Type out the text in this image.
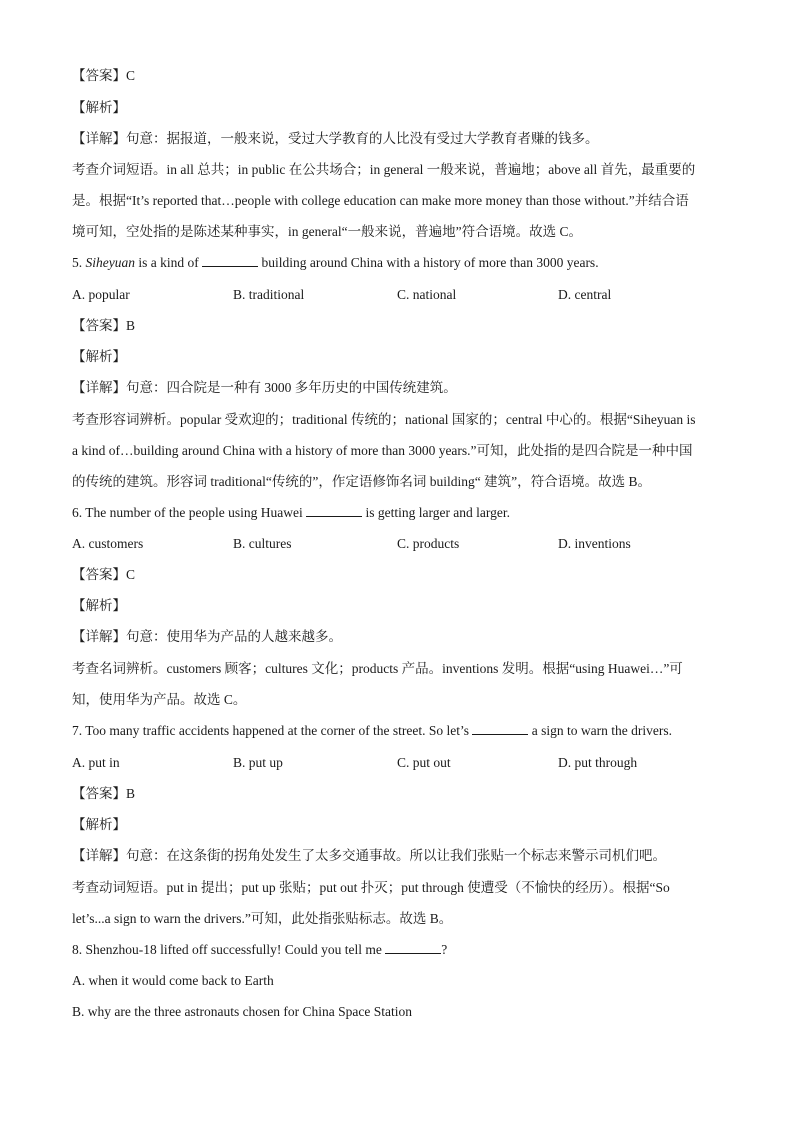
【答案】C
【解析】
【详解】句意：据报道，一般来说，受过大学教育的人比没有受过大学教育者赚的钱多。
考查介词短语。in all 总共；in public 在公共场合；in general 一般来说，普遍地；above all 首先，最重要的
是。根据“It’s reported that…people with college education can make more money than those without.”并结合语
境可知，空处指的是陈述某种事实，in general“一般来说，普遍地”符合语境。故选 C。
5. Siheyuan is a kind of	building around China with a history of more than 3000 years.
A. popular	B. traditional	C. national	D. central
【答案】B
【解析】
【详解】句意：四合院是一种有 3000 多年历史的中国传统建筑。
考查形容词辨析。popular 受欢迎的；traditional 传统的；national 国家的；central 中心的。根据“Siheyuan is
a kind of…building around China with a history of more than 3000 years.”可知，此处指的是四合院是一种中国
的传统的建筑。形容词 traditional“传统的”，作定语修饰名词 building“ 建筑”，符合语境。故选 B。
6. The number of the people using Huawei	is getting larger and larger.
A. customers	B. cultures	C. products	D. inventions
【答案】C
【解析】
【详解】句意：使用华为产品的人越来越多。
考查名词辨析。customers 顾客；cultures 文化；products 产品。inventions 发明。根据“using Huawei…”可
知，使用华为产品。故选 C。
7. Too many traffic accidents happened at the corner of the street. So let’s	a sign to warn the drivers.
A. put in	B. put up	C. put out	D. put through
【答案】B
【解析】
【详解】句意：在这条街的拐角处发生了太多交通事故。所以让我们张贴一个标志来警示司机们吧。
考查动词短语。put in 提出；put up 张贴；put out 扑灭；put through 使遭受（不愉快的经历）。根据“So
let’s...a sign to warn the drivers.”可知，此处指张贴标志。故选 B。
8. Shenzhou-18 lifted off successfully! Could you tell me	?
A. when it would come back to Earth
B. why are the three astronauts chosen for China Space Station
